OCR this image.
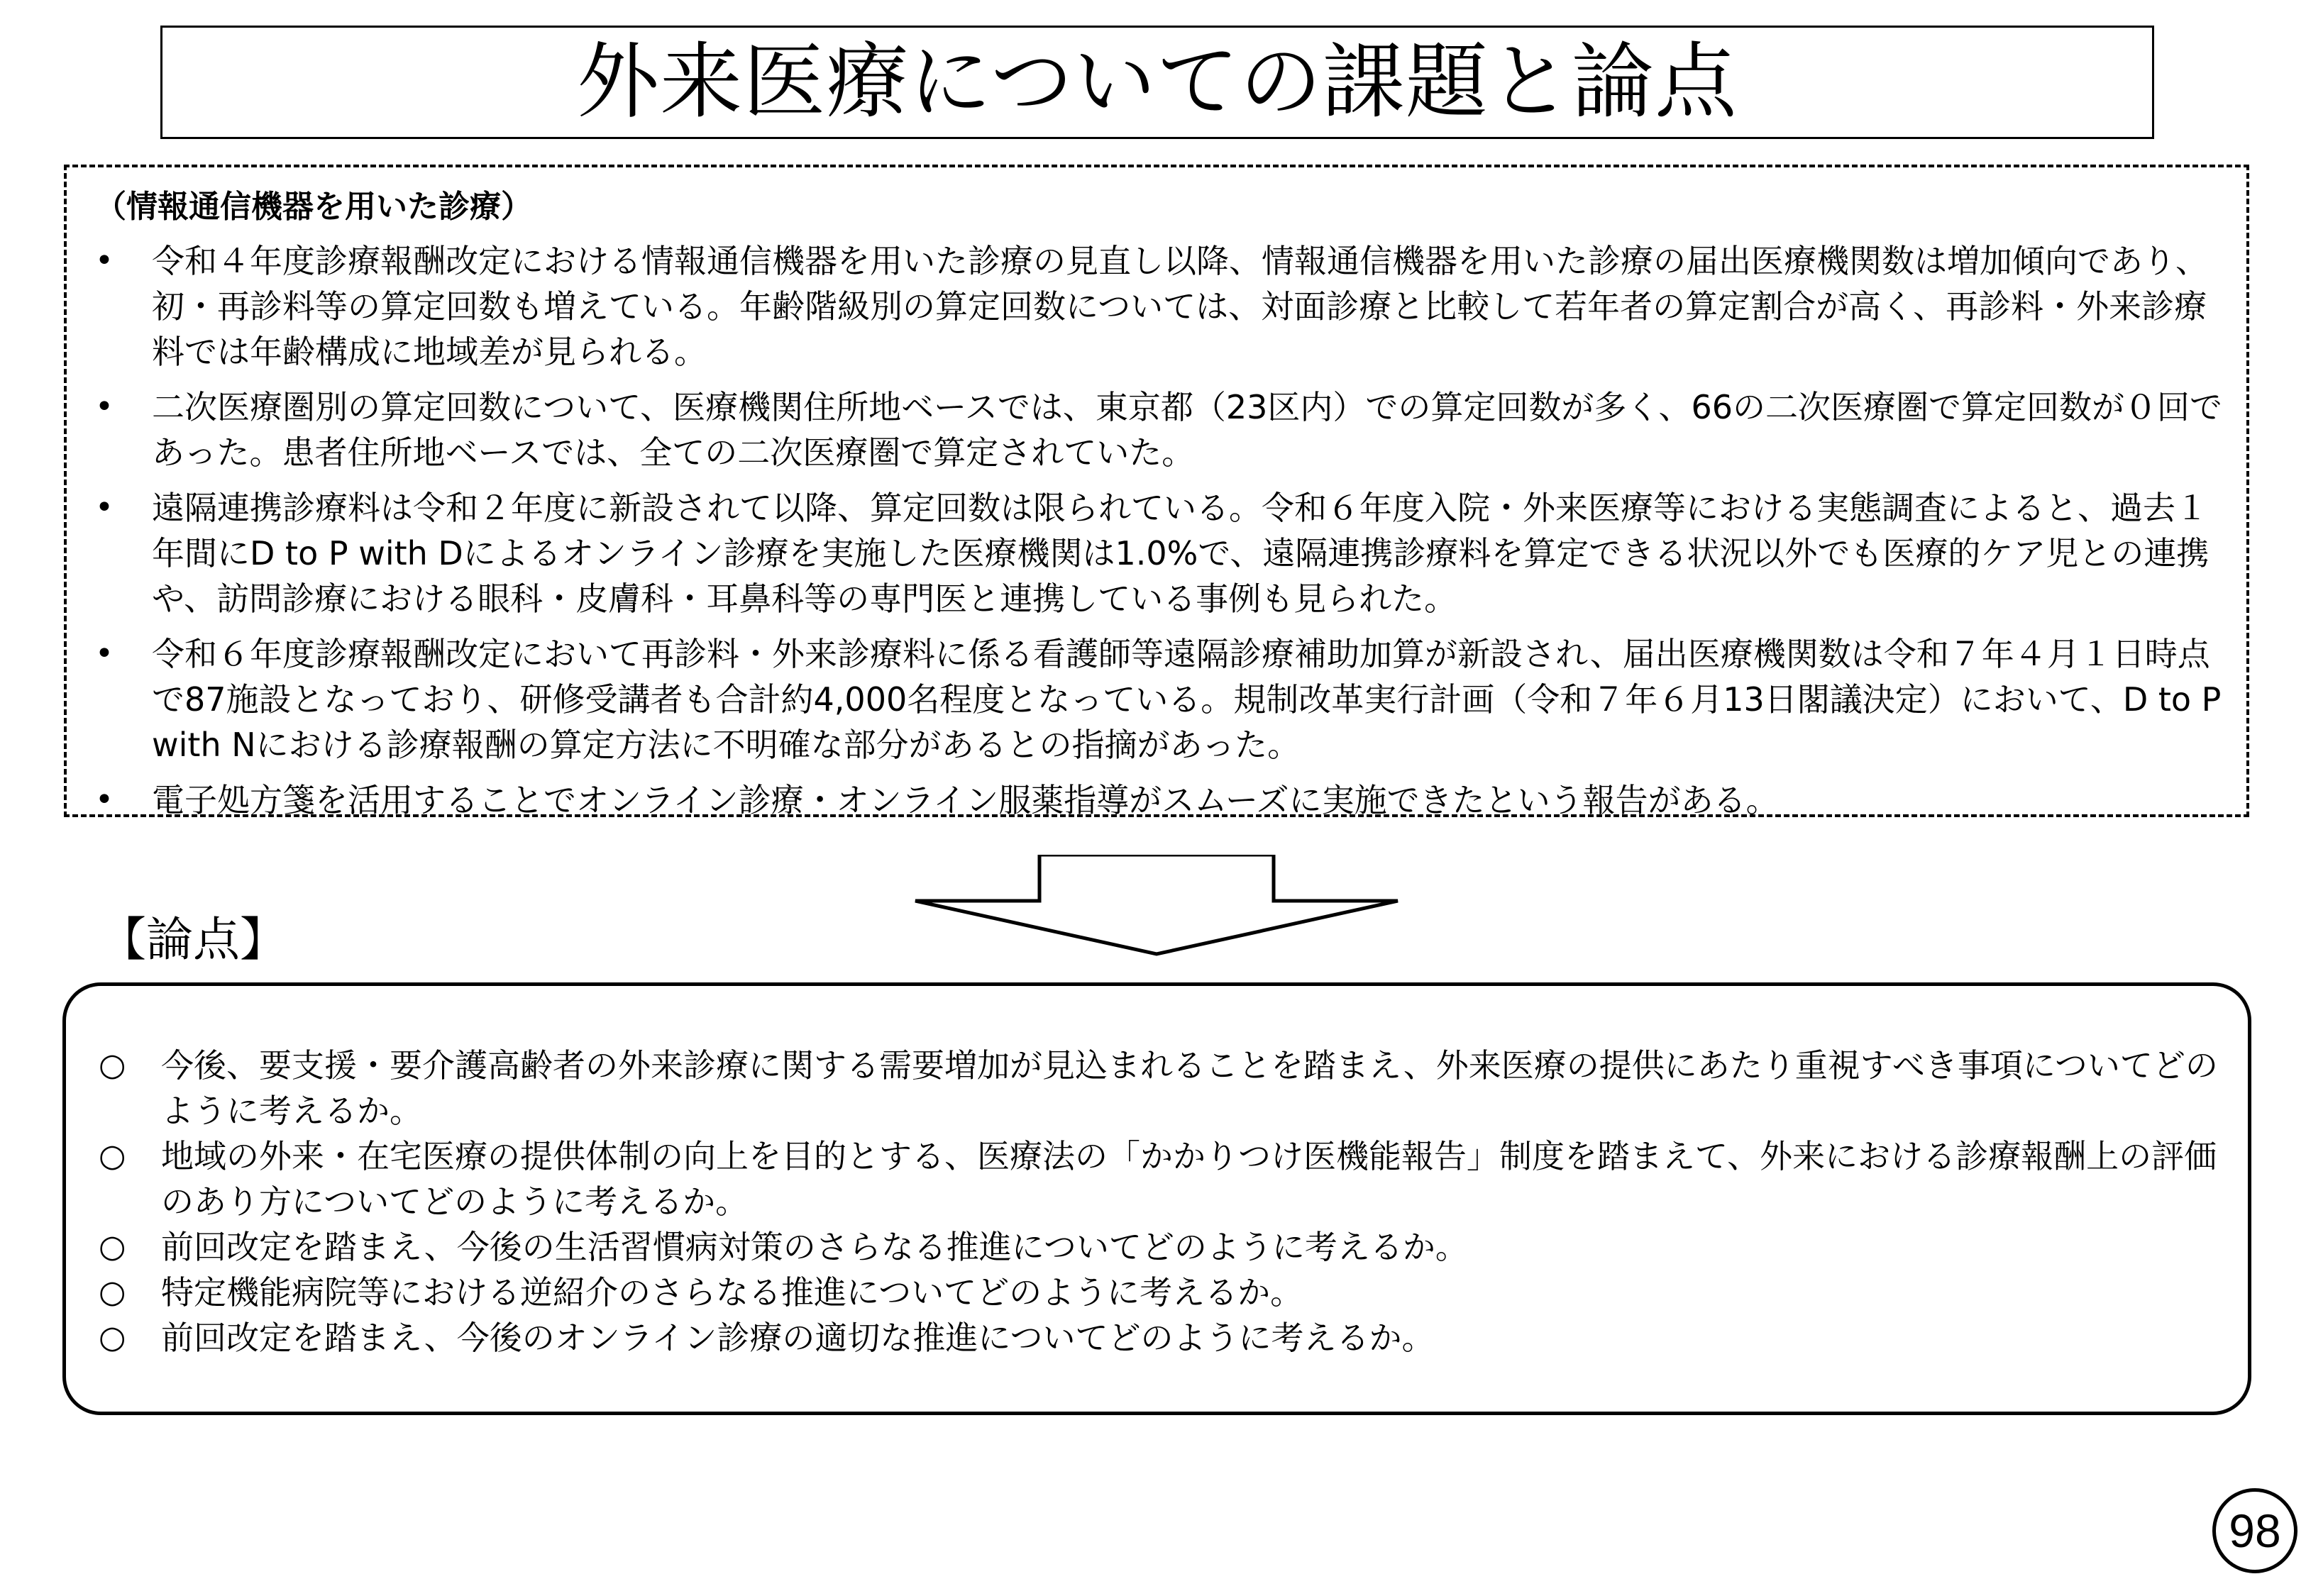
外来医療についての課題と論点
（情報通信機器を用いた診療）
•	令和４年度診療報酬改定における情報通信機器を用いた診療の見直し以降、情報通信機器を用いた診療の届出医療機関数は増加傾向であり、初・再診料等の算定回数も増えている。年齢階級別の算定回数については、対面診療と比較して若年者の算定割合が高く、再診料・外来診療料では年齢構成に地域差が見られる。
•	二次医療圏別の算定回数について、医療機関住所地ベースでは、東京都（23区内）での算定回数が多く、66の二次医療圏で算定回数が０回であった。患者住所地ベースでは、全ての二次医療圏で算定されていた。
•	遠隔連携診療料は令和２年度に新設されて以降、算定回数は限られている。令和６年度入院・外来医療等における実態調査によると、過去１年間にD to P with Dによるオンライン診療を実施した医療機関は1.0%で、遠隔連携診療料を算定できる状況以外でも医療的ケア児との連携や、訪問診療における眼科・皮膚科・耳鼻科等の専門医と連携している事例も見られた。
•	令和６年度診療報酬改定において再診料・外来診療料に係る看護師等遠隔診療補助加算が新設され、届出医療機関数は令和７年４月１日時点で87施設となっており、研修受講者も合計約4,000名程度となっている。規制改革実行計画（令和７年６月13日閣議決定）において、D to P with Nにおける診療報酬の算定方法に不明確な部分があるとの指摘があった。
•	電子処方箋を活用することでオンライン診療・オンライン服薬指導がスムーズに実施できたという報告がある。
【論点】
○	今後、要支援・要介護高齢者の外来診療に関する需要増加が見込まれることを踏まえ、外来医療の提供にあたり重視すべき事項についてどのように考えるか。
○	地域の外来・在宅医療の提供体制の向上を目的とする、医療法の「かかりつけ医機能報告」制度を踏まえて、外来における診療報酬上の評価のあり方についてどのように考えるか。
○	前回改定を踏まえ、今後の生活習慣病対策のさらなる推進についてどのように考えるか。
○	特定機能病院等における逆紹介のさらなる推進についてどのように考えるか。
○	前回改定を踏まえ、今後のオンライン診療の適切な推進についてどのように考えるか。
98
